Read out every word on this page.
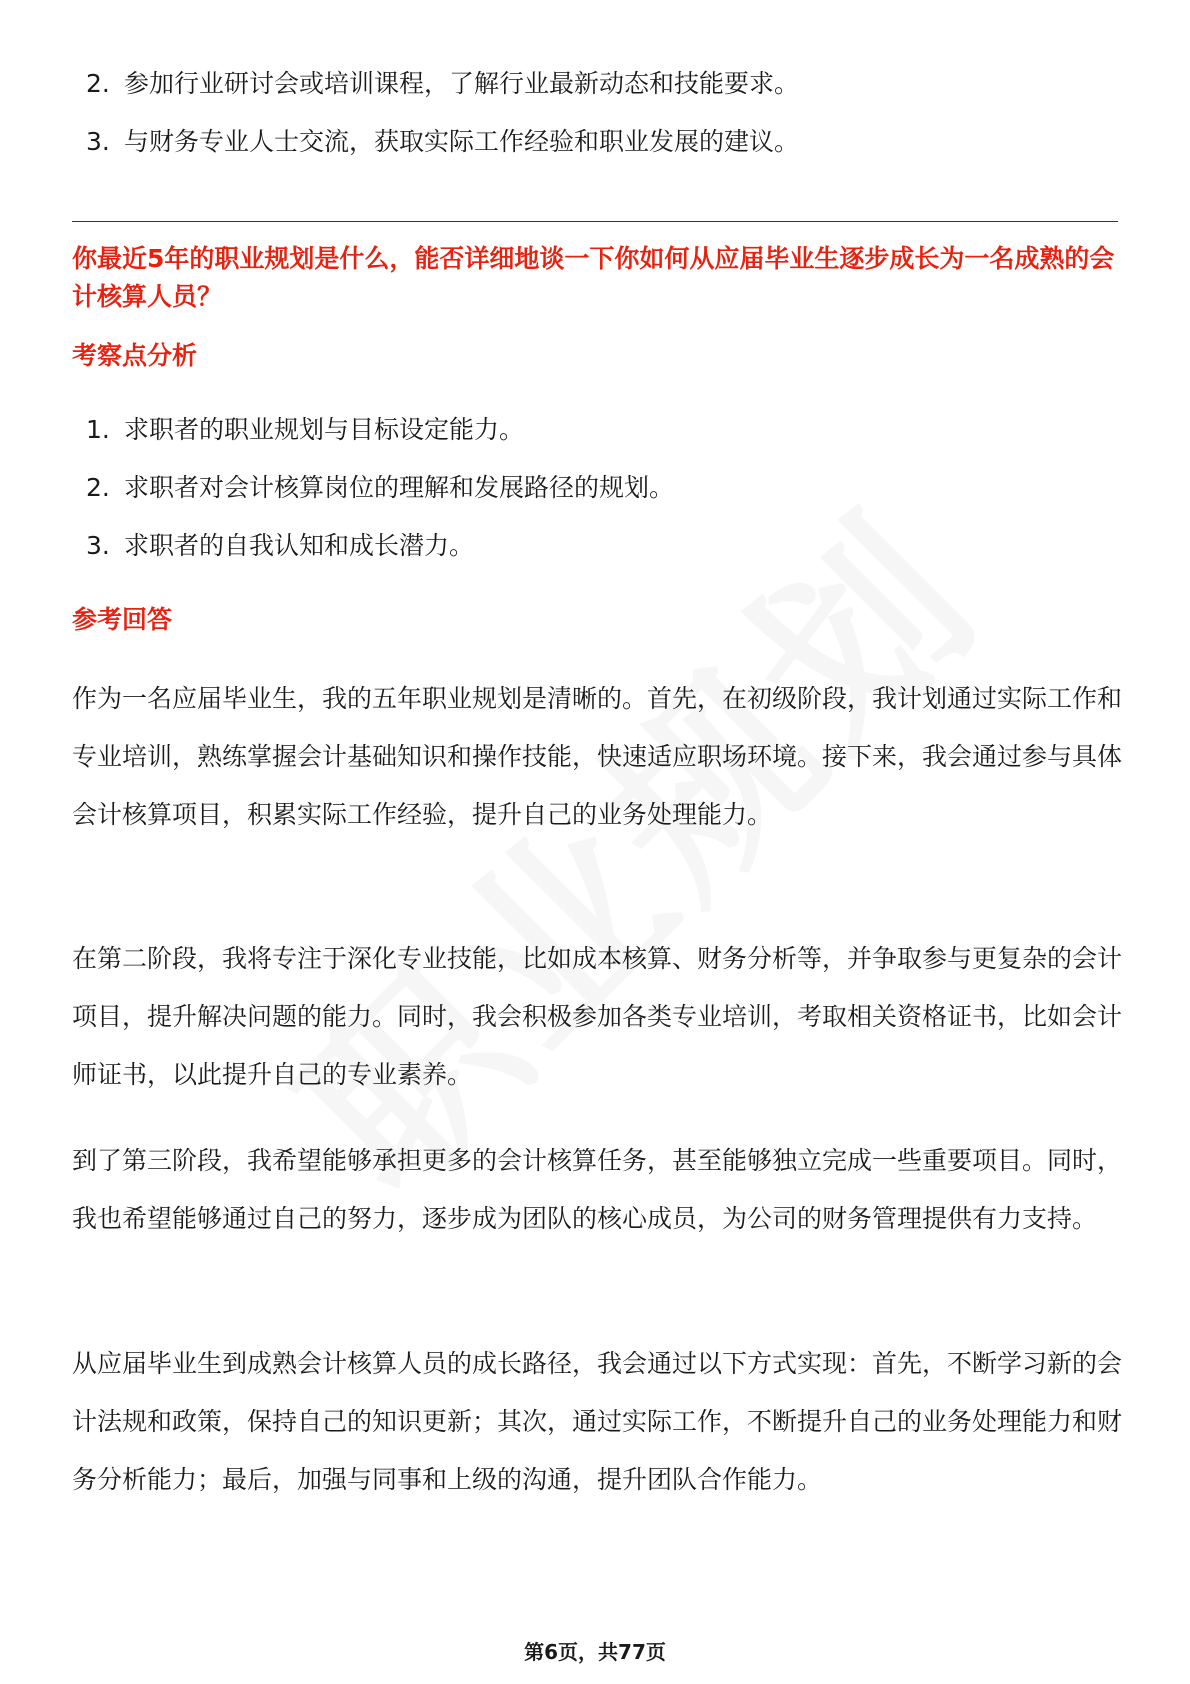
2. 参加行业研讨会或培训课程，了解行业最新动态和技能要求。
3. 与财务专业人士交流，获取实际工作经验和职业发展的建议。
你最近5年的职业规划是什么，能否详细地谈一下你如何从应届毕业生逐步成长为一名成熟的会计核算人员？
考察点分析
1. 求职者的职业规划与目标设定能力。
2. 求职者对会计核算岗位的理解和发展路径的规划。
3. 求职者的自我认知和成长潜力。
参考回答

作为一名应届毕业生，我的五年职业规划是清晰的。首先，在初级阶段，我计划通过实际工作和专业培训，熟练掌握会计基础知识和操作技能，快速适应职场环境。接下来，我会通过参与具体会计核算项目，积累实际工作经验，提升自己的业务处理能力。

在第二阶段，我将专注于深化专业技能，比如成本核算、财务分析等，并争取参与更复杂的会计项目，提升解决问题的能力。同时，我会积极参加各类专业培训，考取相关资格证书，比如会计师证书，以此提升自己的专业素养。

到了第三阶段，我希望能够承担更多的会计核算任务，甚至能够独立完成一些重要项目。同时，我也希望能够通过自己的努力，逐步成为团队的核心成员，为公司的财务管理提供有力支持。

从应届毕业生到成熟会计核算人员的成长路径，我会通过以下方式实现：首先，不断学习新的会计法规和政策，保持自己的知识更新；其次，通过实际工作，不断提升自己的业务处理能力和财务分析能力；最后，加强与同事和上级的沟通，提升团队合作能力。

第6页，共77页
